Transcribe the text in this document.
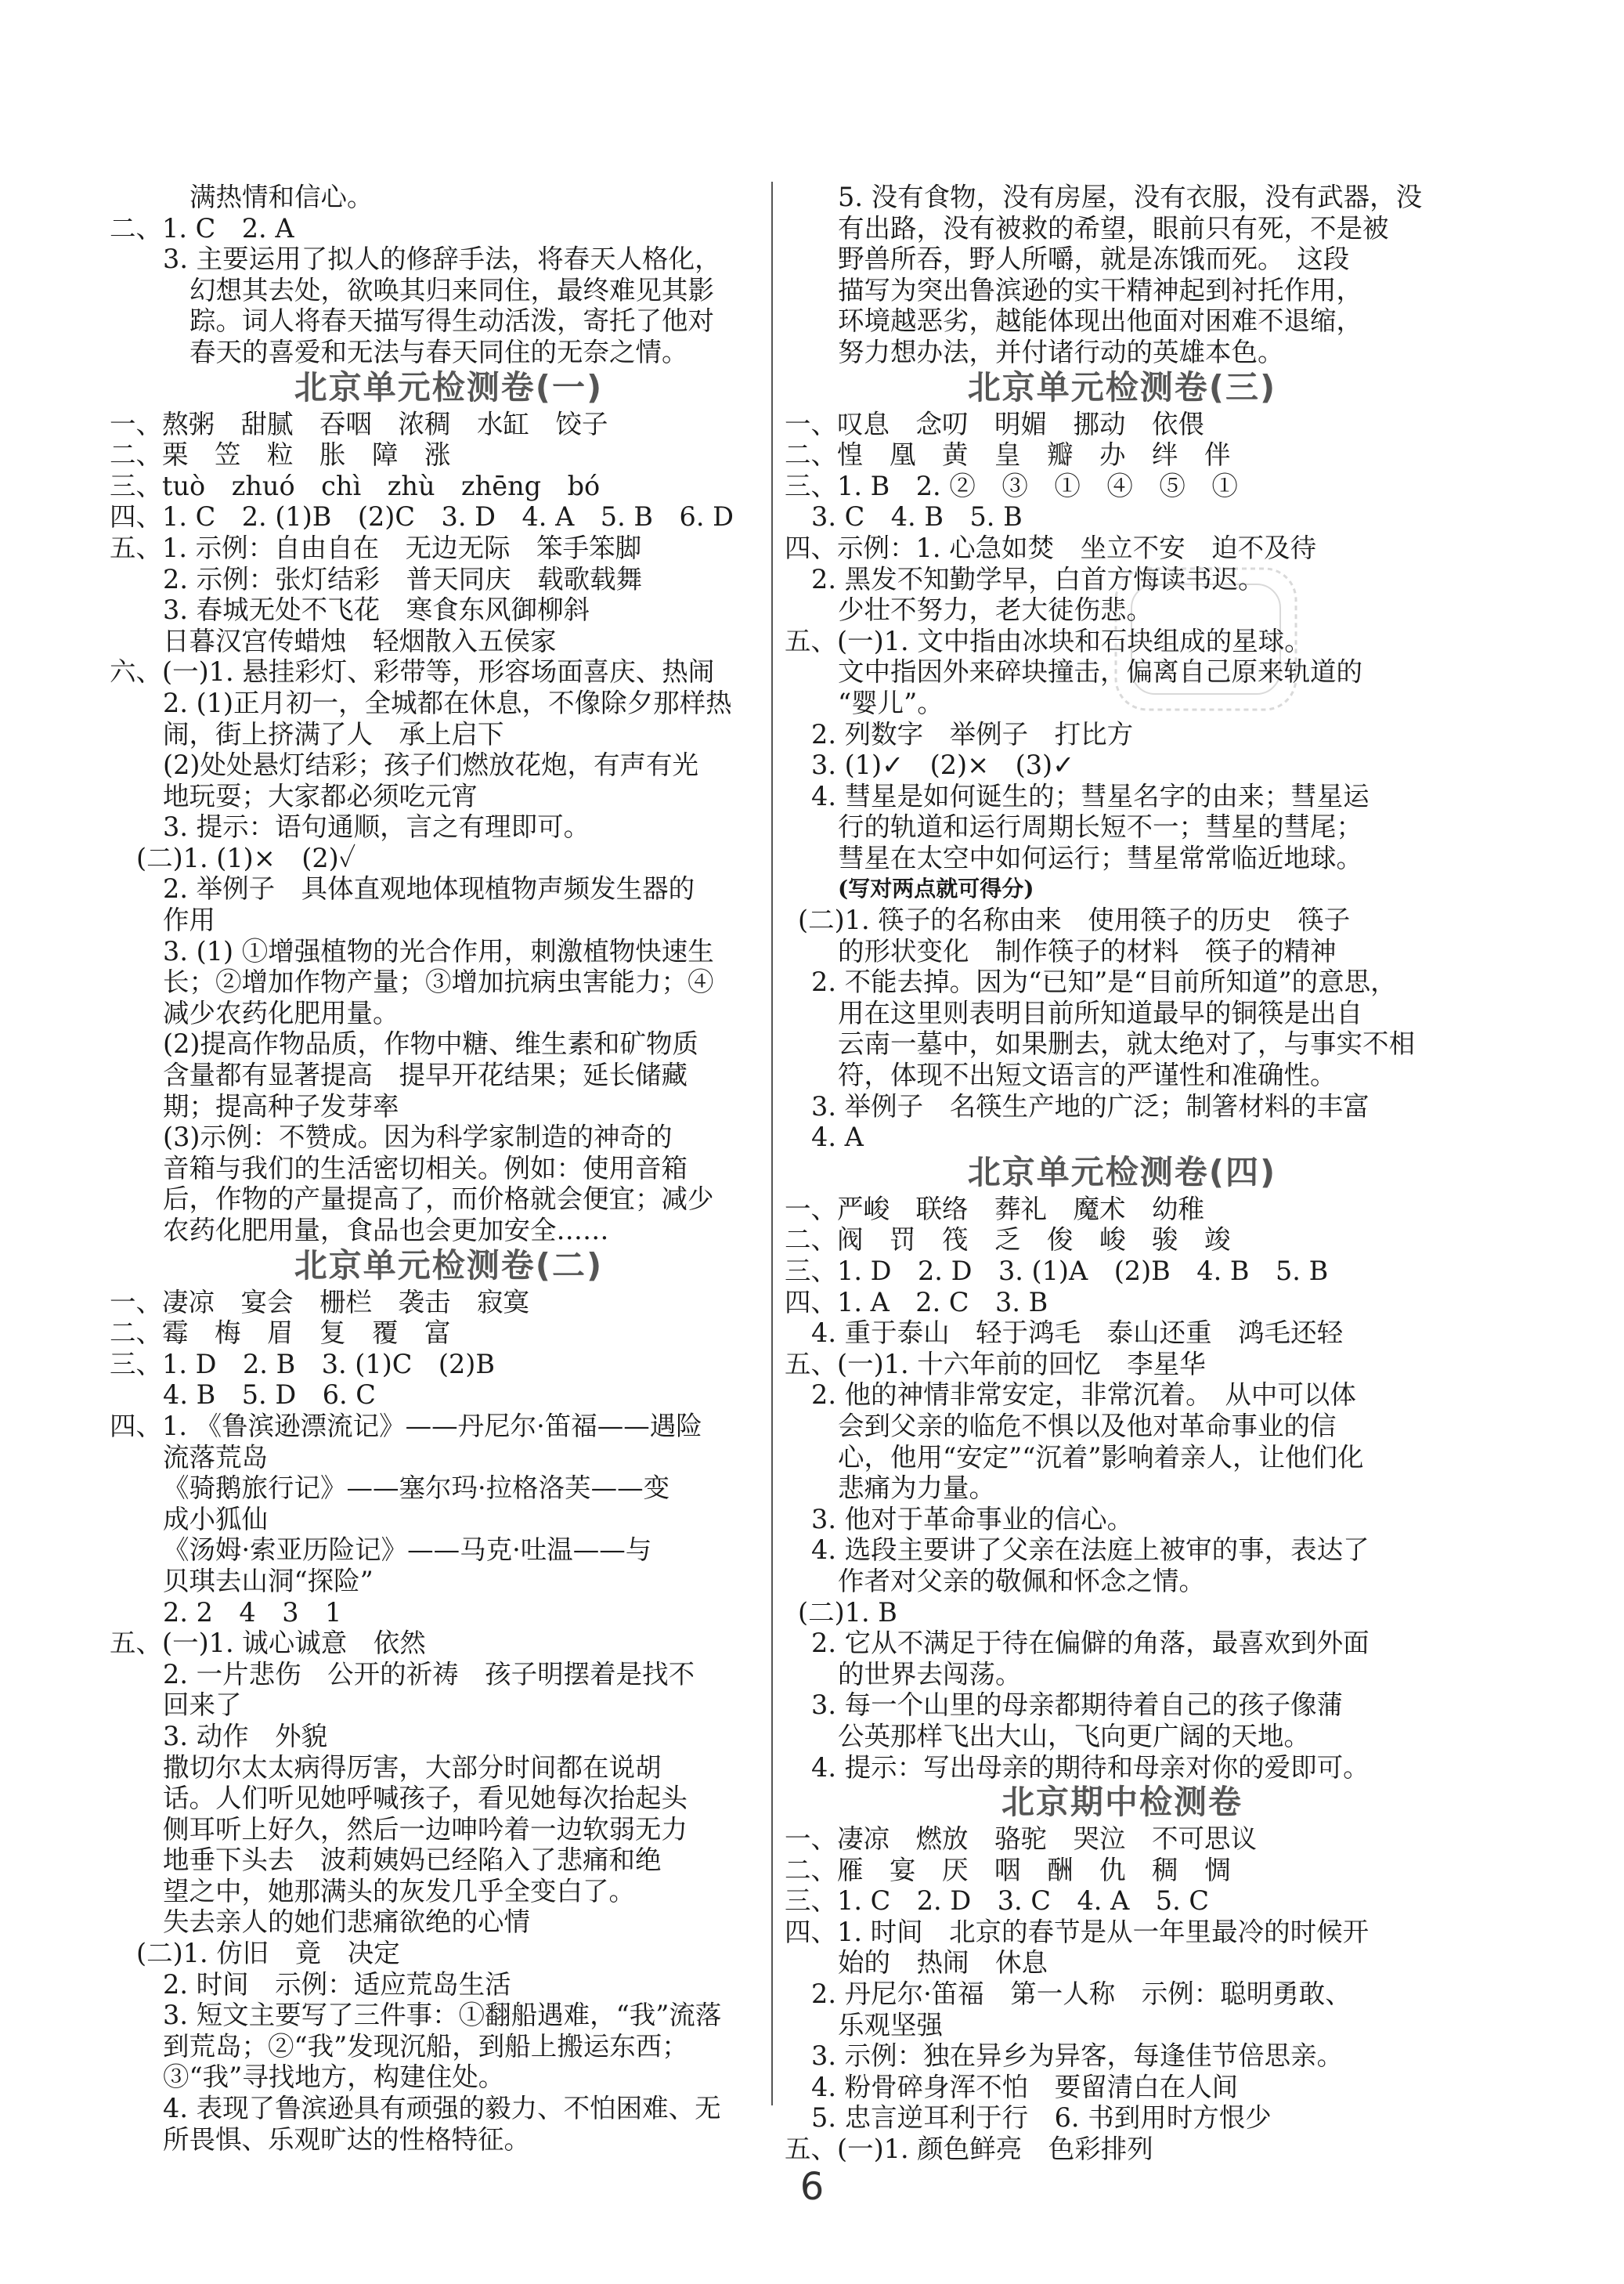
满热情和信心。
二、1. C　2. A
3. 主要运用了拟人的修辞手法，将春天人格化，
幻想其去处，欲唤其归来同住，最终难见其影
踪。词人将春天描写得生动活泼，寄托了他对
春天的喜爱和无法与春天同住的无奈之情。
北京单元检测卷(一)
一、熬粥　甜腻　吞咽　浓稠　水缸　饺子
二、栗　笠　粒　胀　障　涨
三、tuò　zhuó　chì　zhù　zhēng　bó
四、1. C　2. (1)B　(2)C　3. D　4. A　5. B　6. D
五、1. 示例：自由自在　无边无际　笨手笨脚
2. 示例：张灯结彩　普天同庆　载歌载舞
3. 春城无处不飞花　寒食东风御柳斜
日暮汉宫传蜡烛　轻烟散入五侯家
六、(一)1. 悬挂彩灯、彩带等，形容场面喜庆、热闹
2. (1)正月初一，全城都在休息，不像除夕那样热
闹，街上挤满了人　承上启下
(2)处处悬灯结彩；孩子们燃放花炮，有声有光
地玩耍；大家都必须吃元宵
3. 提示：语句通顺，言之有理即可。
(二)1. (1)×　(2)✓
2. 举例子　具体直观地体现植物声频发生器的
作用
3. (1) ①增强植物的光合作用，刺激植物快速生
长；②增加作物产量；③增加抗病虫害能力；④
减少农药化肥用量。
(2)提高作物品质，作物中糖、维生素和矿物质
含量都有显著提高　提早开花结果；延长储藏
期；提高种子发芽率
(3)示例：不赞成。因为科学家制造的神奇的
音箱与我们的生活密切相关。例如：使用音箱
后，作物的产量提高了，而价格就会便宜；减少
农药化肥用量，食品也会更加安全……
北京单元检测卷(二)
一、凄凉　宴会　栅栏　袭击　寂寞
二、霉　梅　眉　复　覆　富
三、1. D　2. B　3. (1)C　(2)B
4. B　5. D　6. C
四、1. 《鲁滨逊漂流记》——丹尼尔·笛福——遇险
流落荒岛
《骑鹅旅行记》——塞尔玛·拉格洛芙——变
成小狐仙
《汤姆·索亚历险记》——马克·吐温——与
贝琪去山洞“探险”
2. 2　4　3　1
五、(一)1. 诚心诚意　依然
2. 一片悲伤　公开的祈祷　孩子明摆着是找不
回来了
3. 动作　外貌
撒切尔太太病得厉害，大部分时间都在说胡
话。人们听见她呼喊孩子，看见她每次抬起头
侧耳听上好久，然后一边呻吟着一边软弱无力
地垂下头去　波莉姨妈已经陷入了悲痛和绝
望之中，她那满头的灰发几乎全变白了。
失去亲人的她们悲痛欲绝的心情
(二)1. 仿旧　竟　决定
2. 时间　示例：适应荒岛生活
3. 短文主要写了三件事：①翻船遇难，“我”流落
到荒岛；②“我”发现沉船，到船上搬运东西；
③“我”寻找地方，构建住处。
4. 表现了鲁滨逊具有顽强的毅力、不怕困难、无
所畏惧、乐观旷达的性格特征。
5. 没有食物，没有房屋，没有衣服，没有武器，没
有出路，没有被救的希望，眼前只有死，不是被
野兽所吞，野人所嚼，就是冻饿而死。　这段
描写为突出鲁滨逊的实干精神起到衬托作用，
环境越恶劣，越能体现出他面对困难不退缩，
努力想办法，并付诸行动的英雄本色。
北京单元检测卷(三)
一、叹息　念叨　明媚　挪动　依偎
二、惶　凰　黄　皇　瓣　办　绊　伴
三、1. B　2. ②　③　①　④　⑤　①
3. C　4. B　5. B
四、示例：1. 心急如焚　坐立不安　迫不及待
2. 黑发不知勤学早，白首方悔读书迟。
少壮不努力，老大徒伤悲。
五、(一)1. 文中指由冰块和石块组成的星球。
文中指因外来碎块撞击，偏离自己原来轨道的
“婴儿”。
2. 列数字　举例子　打比方
3. (1)✓　(2)×　(3)✓
4. 彗星是如何诞生的；彗星名字的由来；彗星运
行的轨道和运行周期长短不一；彗星的彗尾；
彗星在太空中如何运行；彗星常常临近地球。
(写对两点就可得分)
(二)1. 筷子的名称由来　使用筷子的历史　筷子
的形状变化　制作筷子的材料　筷子的精神
2. 不能去掉。因为“已知”是“目前所知道”的意思，
用在这里则表明目前所知道最早的铜筷是出自
云南一墓中，如果删去，就太绝对了，与事实不相
符，体现不出短文语言的严谨性和准确性。
3. 举例子　名筷生产地的广泛；制箸材料的丰富
4. A
北京单元检测卷(四)
一、严峻　联络　葬礼　魔术　幼稚
二、阀　罚　筏　乏　俊　峻　骏　竣
三、1. D　2. D　3. (1)A　(2)B　4. B　5. B
四、1. A　2. C　3. B
4. 重于泰山　轻于鸿毛　泰山还重　鸿毛还轻
五、(一)1. 十六年前的回忆　李星华
2. 他的神情非常安定，非常沉着。　从中可以体
会到父亲的临危不惧以及他对革命事业的信
心，他用“安定”“沉着”影响着亲人，让他们化
悲痛为力量。
3. 他对于革命事业的信心。
4. 选段主要讲了父亲在法庭上被审的事，表达了
作者对父亲的敬佩和怀念之情。
(二)1. B
2. 它从不满足于待在偏僻的角落，最喜欢到外面
的世界去闯荡。
3. 每一个山里的母亲都期待着自己的孩子像蒲
公英那样飞出大山，飞向更广阔的天地。
4. 提示：写出母亲的期待和母亲对你的爱即可。
北京期中检测卷
一、凄凉　燃放　骆驼　哭泣　不可思议
二、雁　宴　厌　咽　酬　仇　稠　惆
三、1. C　2. D　3. C　4. A　5. C
四、1. 时间　北京的春节是从一年里最冷的时候开
始的　热闹　休息
2. 丹尼尔·笛福　第一人称　示例：聪明勇敢、
乐观坚强
3. 示例：独在异乡为异客，每逢佳节倍思亲。
4. 粉骨碎身浑不怕　要留清白在人间
5. 忠言逆耳利于行　6. 书到用时方恨少
五、(一)1. 颜色鲜亮　色彩排列
6
